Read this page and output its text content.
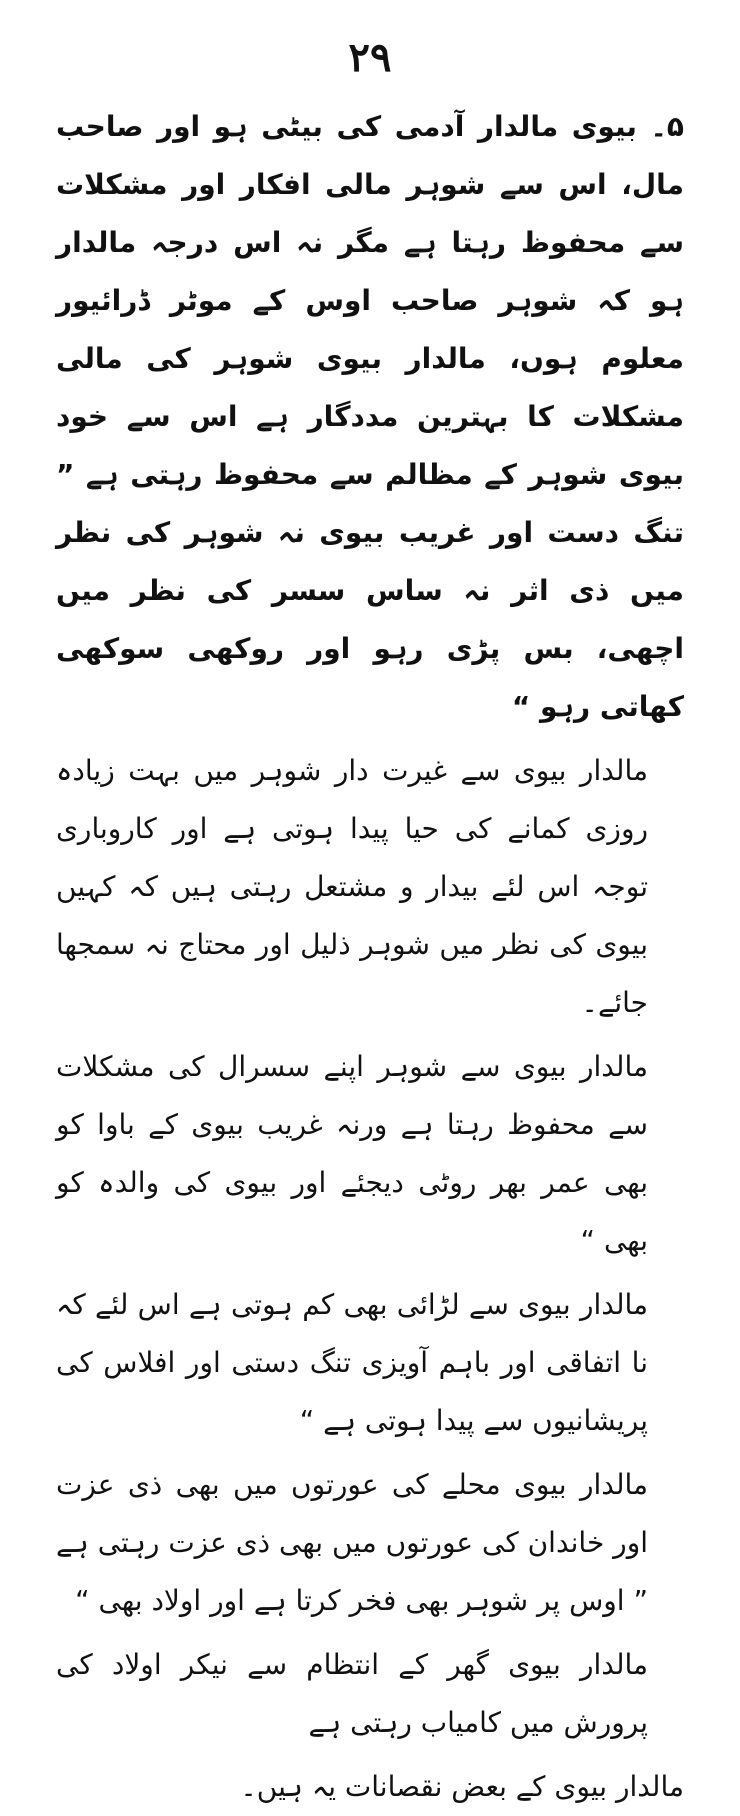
۲۹

۵۔ بیوی مالدار آدمی کی بیٹی ہو اور صاحب مال، اس سے شوہر مالی افکار اور مشکلات سے محفوظ رہتا ہے مگر نہ اس درجہ مالدار ہو کہ شوہر صاحب اوس کے موٹر ڈرائیور معلوم ہوں، مالدار بیوی شوہر کی مالی مشکلات کا بہترین مددگار ہے اس سے خود بیوی شوہر کے مظالم سے محفوظ رہتی ہے ” تنگ دست اور غریب بیوی نہ شوہر کی نظر میں ذی اثر نہ ساس سسر کی نظر میں اچھی، بس پڑی رہو اور روکھی سوکھی کھاتی رہو “

مالدار بیوی سے غیرت دار شوہر میں بہت زیادہ روزی کمانے کی حیا پیدا ہوتی ہے اور کاروباری توجہ اس لئے بیدار و مشتعل رہتی ہیں کہ کہیں بیوی کی نظر میں شوہر ذلیل اور محتاج نہ سمجھا جائے۔

مالدار بیوی سے شوہر اپنے سسرال کی مشکلات سے محفوظ رہتا ہے ورنہ غریب بیوی کے باوا کو بھی عمر بھر روٹی دیجئے اور بیوی کی والدہ کو بھی “

مالدار بیوی سے لڑائی بھی کم ہوتی ہے اس لئے کہ نا اتفاقی اور باہم آویزی تنگ دستی اور افلاس کی پریشانیوں سے پیدا ہوتی ہے “

مالدار بیوی محلے کی عورتوں میں بھی ذی عزت اور خاندان کی عورتوں میں بھی ذی عزت رہتی ہے ” اوس پر شوہر بھی فخر کرتا ہے اور اولاد بھی “

مالدار بیوی گھر کے انتظام سے نیکر اولاد کی پرورش میں کامیاب رہتی ہے

مالدار بیوی کے بعض نقصانات یہ ہیں۔
